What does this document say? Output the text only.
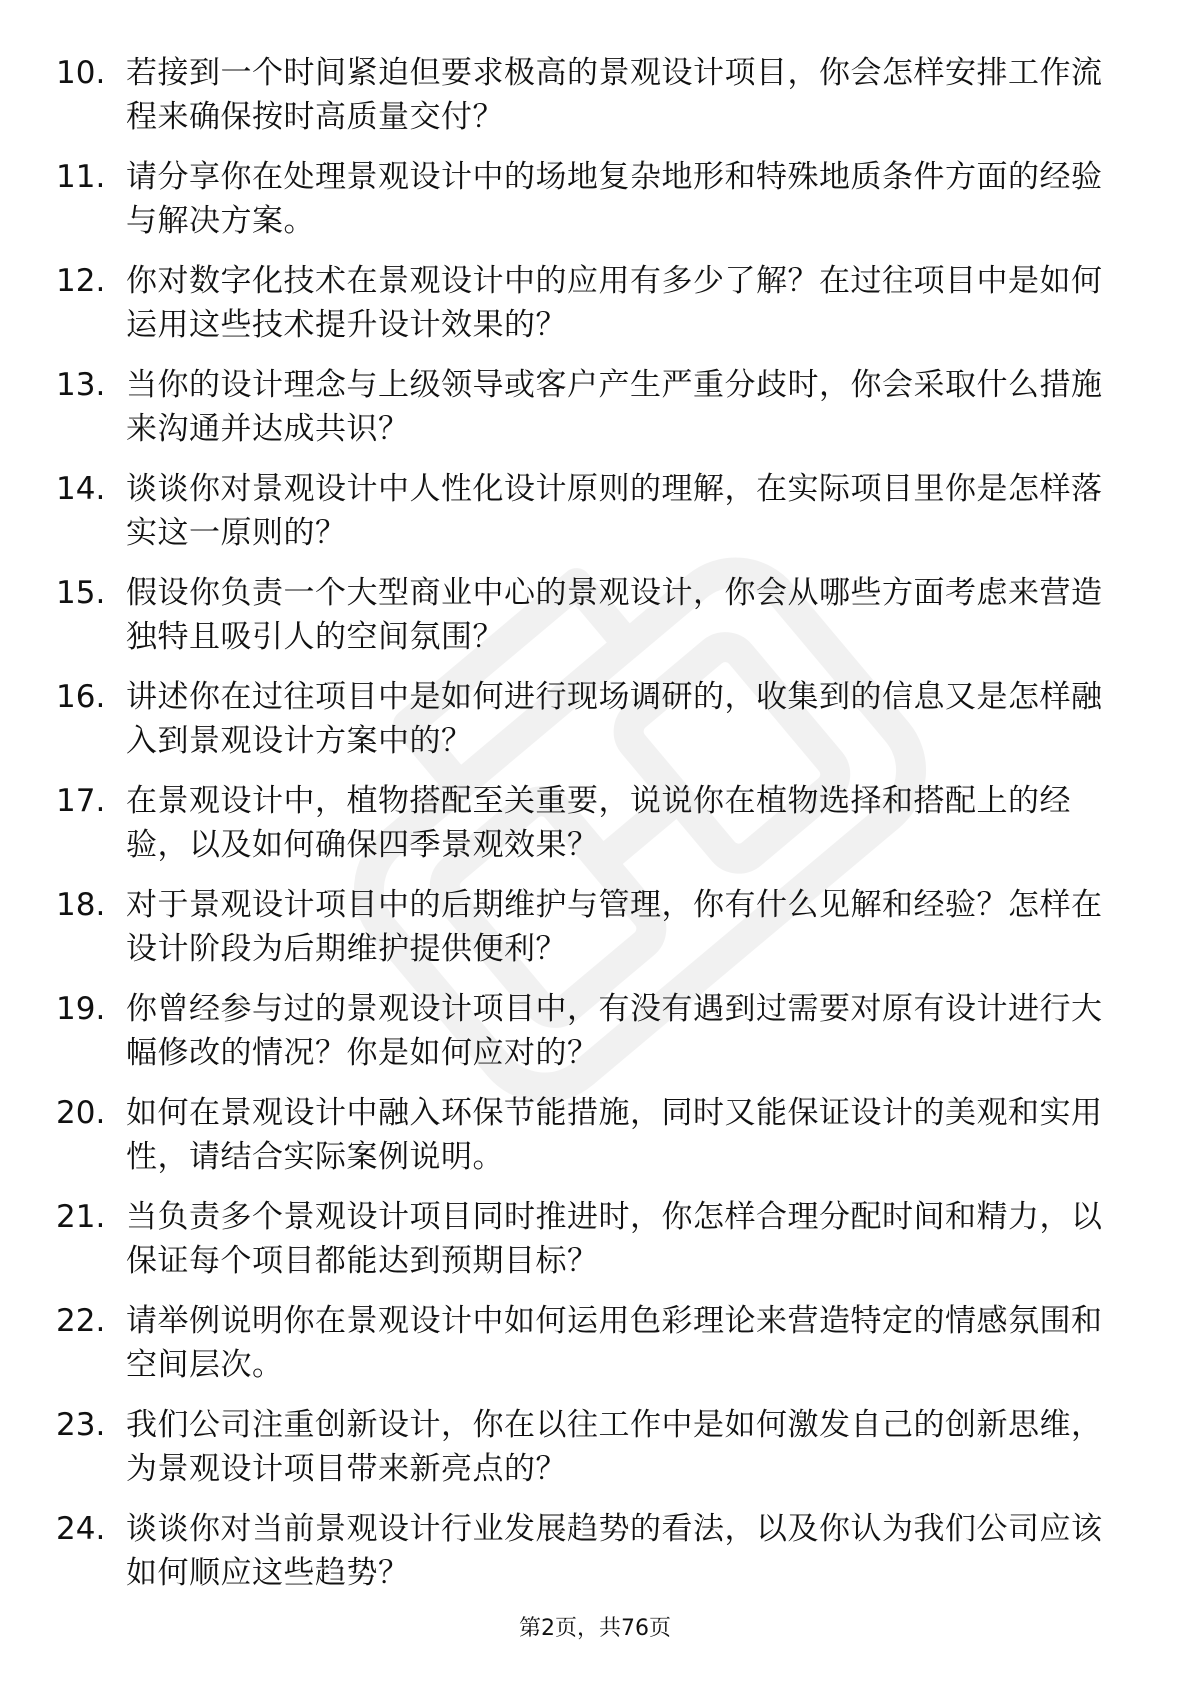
10. 若接到一个时间紧迫但要求极高的景观设计项目，你会怎样安排工作流程来确保按时高质量交付？
11. 请分享你在处理景观设计中的场地复杂地形和特殊地质条件方面的经验与解决方案。
12. 你对数字化技术在景观设计中的应用有多少了解？在过往项目中是如何运用这些技术提升设计效果的？
13. 当你的设计理念与上级领导或客户产生严重分歧时，你会采取什么措施来沟通并达成共识？
14. 谈谈你对景观设计中人性化设计原则的理解，在实际项目里你是怎样落实这一原则的？
15. 假设你负责一个大型商业中心的景观设计，你会从哪些方面考虑来营造独特且吸引人的空间氛围？
16. 讲述你在过往项目中是如何进行现场调研的，收集到的信息又是怎样融入到景观设计方案中的？
17. 在景观设计中，植物搭配至关重要，说说你在植物选择和搭配上的经验，以及如何确保四季景观效果？
18. 对于景观设计项目中的后期维护与管理，你有什么见解和经验？怎样在设计阶段为后期维护提供便利？
19. 你曾经参与过的景观设计项目中，有没有遇到过需要对原有设计进行大幅修改的情况？你是如何应对的？
20. 如何在景观设计中融入环保节能措施，同时又能保证设计的美观和实用性，请结合实际案例说明。
21. 当负责多个景观设计项目同时推进时，你怎样合理分配时间和精力，以保证每个项目都能达到预期目标？
22. 请举例说明你在景观设计中如何运用色彩理论来营造特定的情感氛围和空间层次。
23. 我们公司注重创新设计，你在以往工作中是如何激发自己的创新思维，为景观设计项目带来新亮点的？
24. 谈谈你对当前景观设计行业发展趋势的看法，以及你认为我们公司应该如何顺应这些趋势？
第2页，共76页
